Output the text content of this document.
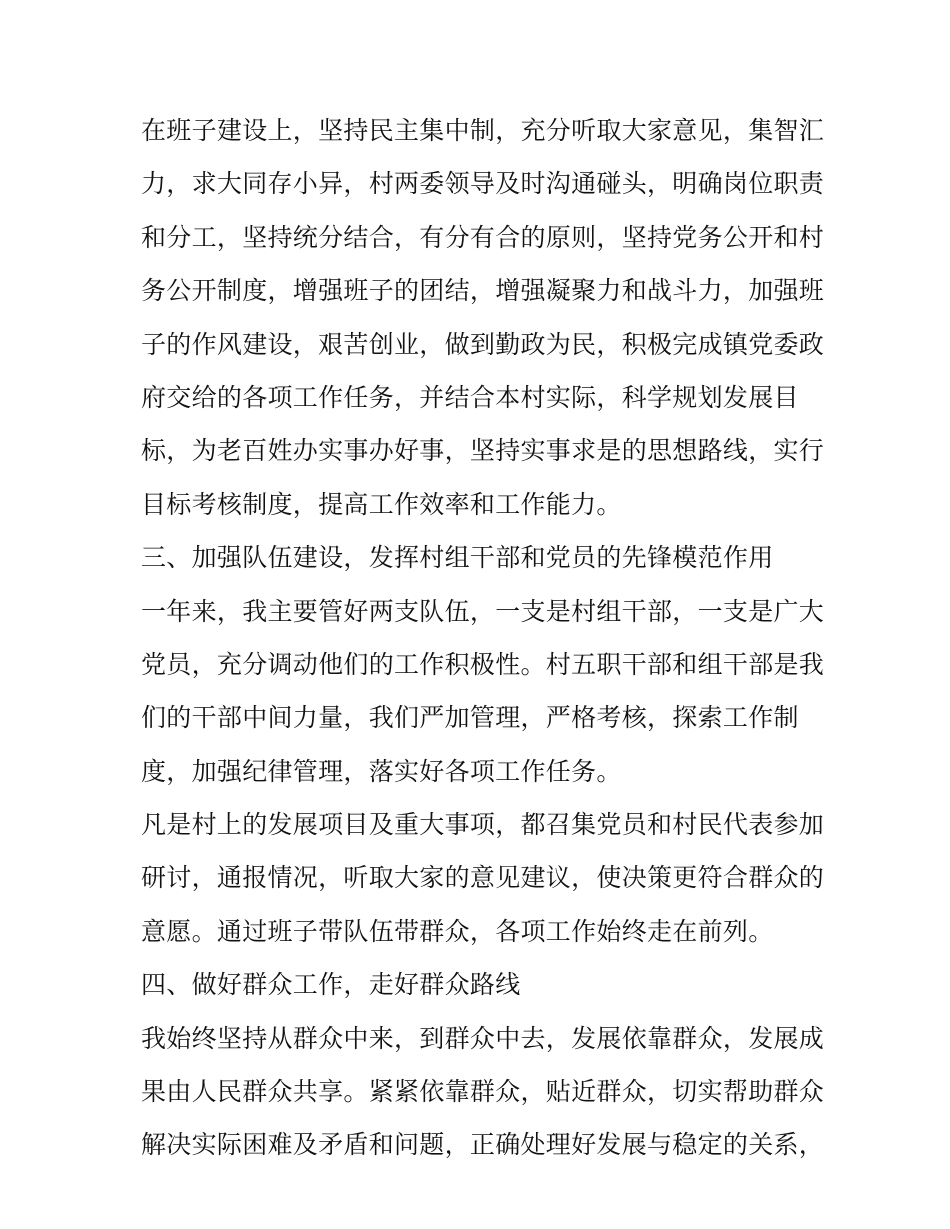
在班子建设上，坚持民主集中制，充分听取大家意见，集智汇
力，求大同存小异，村两委领导及时沟通碰头，明确岗位职责
和分工，坚持统分结合，有分有合的原则，坚持党务公开和村
务公开制度，增强班子的团结，增强凝聚力和战斗力，加强班
子的作风建设，艰苦创业，做到勤政为民，积极完成镇党委政
府交给的各项工作任务，并结合本村实际，科学规划发展目
标，为老百姓办实事办好事，坚持实事求是的思想路线，实行
目标考核制度，提高工作效率和工作能力。
三、加强队伍建设，发挥村组干部和党员的先锋模范作用
一年来，我主要管好两支队伍，一支是村组干部，一支是广大
党员，充分调动他们的工作积极性。村五职干部和组干部是我
们的干部中间力量，我们严加管理，严格考核，探索工作制
度，加强纪律管理，落实好各项工作任务。
凡是村上的发展项目及重大事项，都召集党员和村民代表参加
研讨，通报情况，听取大家的意见建议，使决策更符合群众的
意愿。通过班子带队伍带群众，各项工作始终走在前列。
四、做好群众工作，走好群众路线
我始终坚持从群众中来，到群众中去，发展依靠群众，发展成
果由人民群众共享。紧紧依靠群众，贴近群众，切实帮助群众
解决实际困难及矛盾和问题，正确处理好发展与稳定的关系，
